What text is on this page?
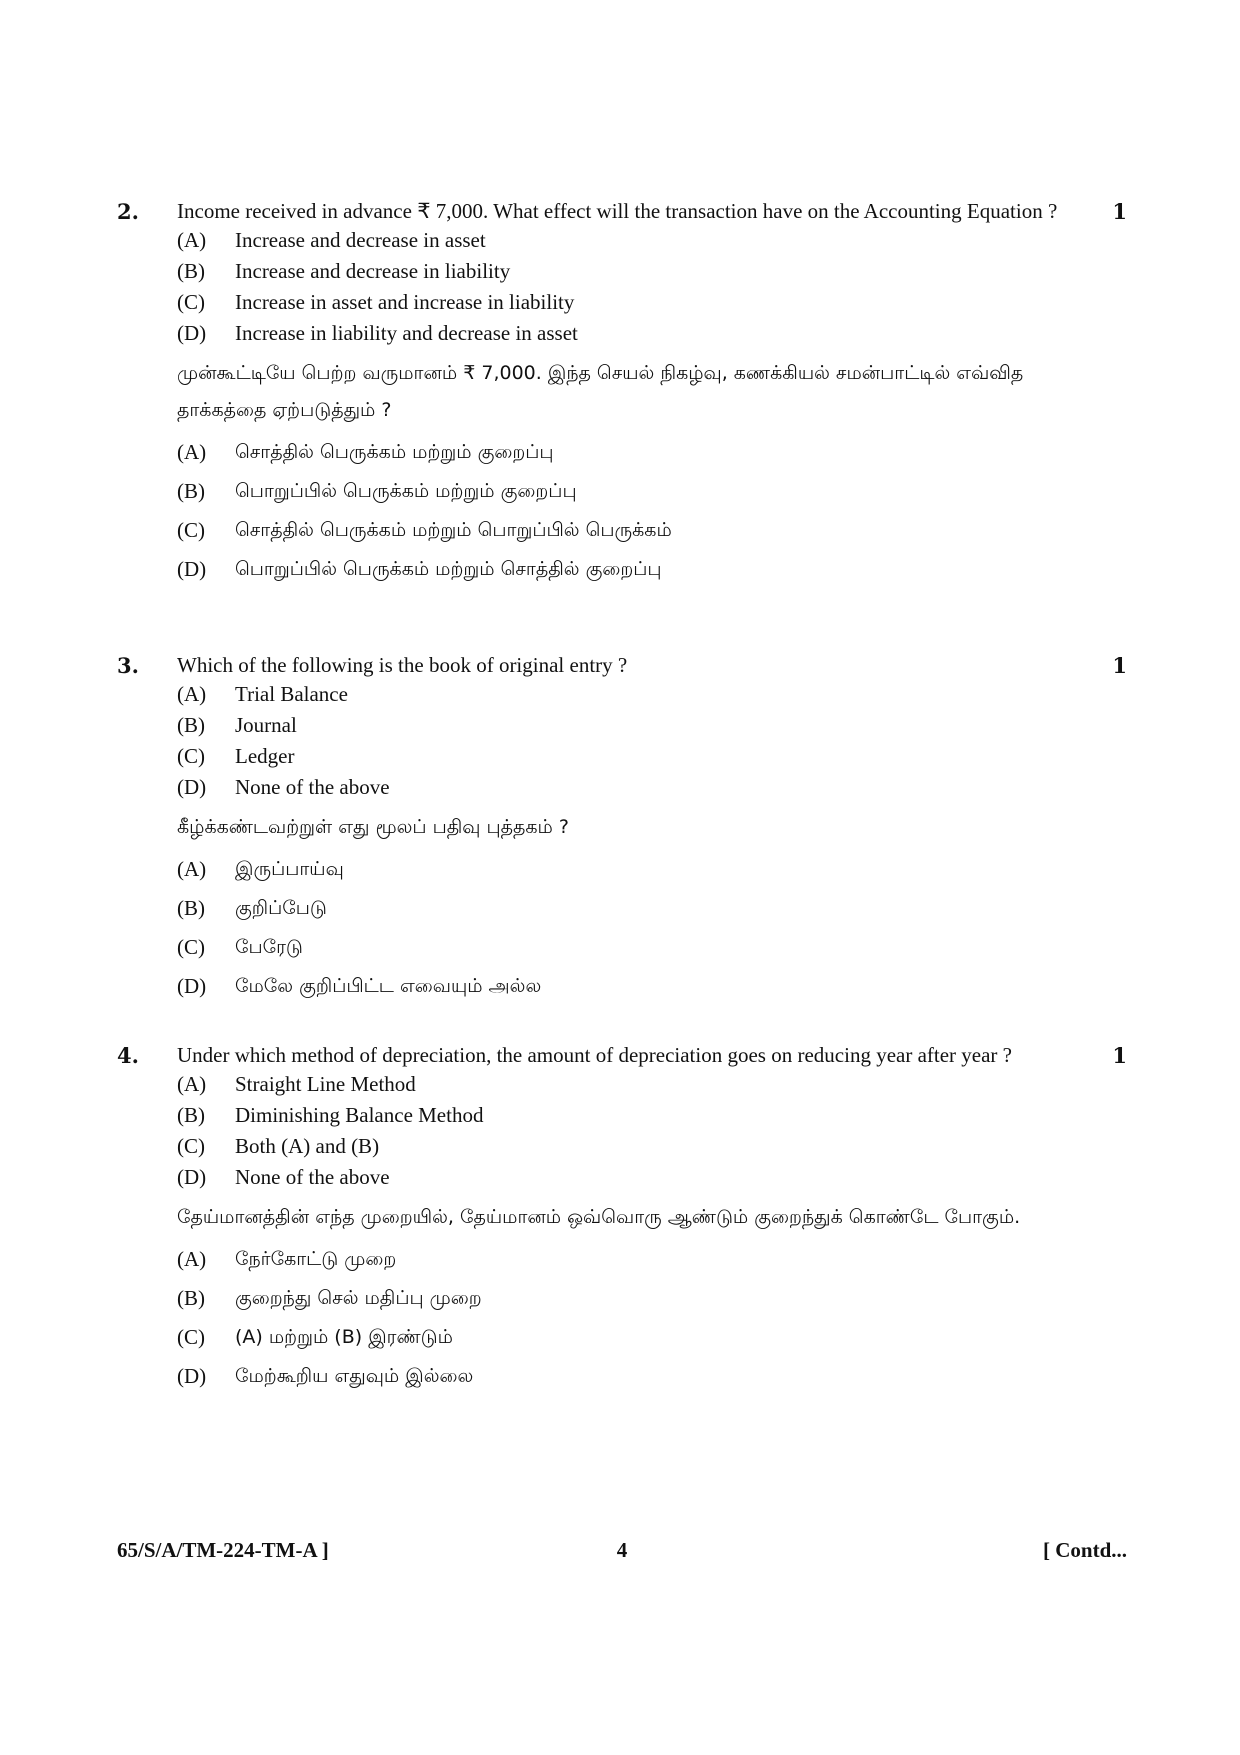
2.	Income received in advance ₹ 7,000. What effect will the transaction have on the Accounting Equation ?	1
(A)	Increase and decrease in asset
(B)	Increase and decrease in liability
(C)	Increase in asset and increase in liability
(D)	Increase in liability and decrease in asset
முன்கூட்டியே பெற்ற வருமானம் ₹ 7,000. இந்த செயல் நிகழ்வு, கணக்கியல் சமன்பாட்டில் எவ்வித தாக்கத்தை ஏற்படுத்தும் ?
(A)	சொத்தில் பெருக்கம் மற்றும் குறைப்பு
(B)	பொறுப்பில் பெருக்கம் மற்றும் குறைப்பு
(C)	சொத்தில் பெருக்கம் மற்றும் பொறுப்பில் பெருக்கம்
(D)	பொறுப்பில் பெருக்கம் மற்றும் சொத்தில் குறைப்பு
3.	Which of the following is the book of original entry ?	1
(A)	Trial Balance
(B)	Journal
(C)	Ledger
(D)	None of the above
கீழ்க்கண்டவற்றுள் எது மூலப் பதிவு புத்தகம் ?
(A)	இருப்பாய்வு
(B)	குறிப்பேடு
(C)	பேரேடு
(D)	மேலே குறிப்பிட்ட எவையும் அல்ல
4.	Under which method of depreciation, the amount of depreciation goes on reducing year after year ?	1
(A)	Straight Line Method
(B)	Diminishing Balance Method
(C)	Both (A) and (B)
(D)	None of the above
தேய்மானத்தின் எந்த முறையில், தேய்மானம் ஒவ்வொரு ஆண்டும் குறைந்துக் கொண்டே போகும்.
(A)	நேர்கோட்டு முறை
(B)	குறைந்து செல் மதிப்பு முறை
(C)	(A) மற்றும் (B) இரண்டும்
(D)	மேற்கூறிய எதுவும் இல்லை
65/S/A/TM-224-TM-A ]	4	[ Contd...
